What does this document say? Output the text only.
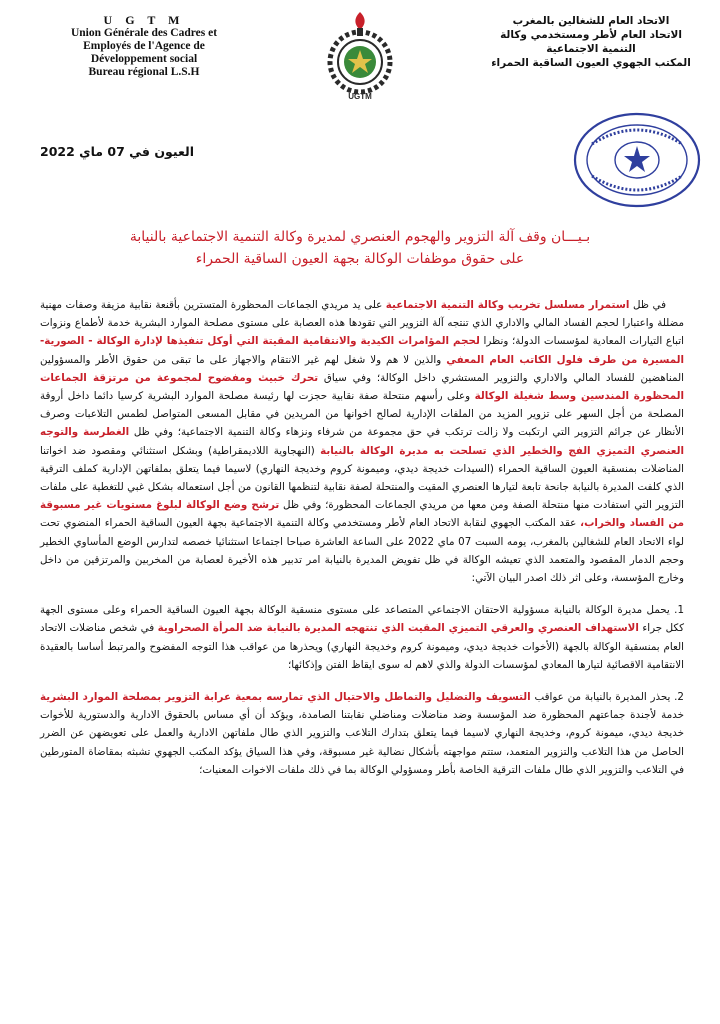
U G T M
Union Générale des Cadres et
Employés de l'Agence de
Développement social
Bureau régional L.S.H
UGTM
الاتحاد العام للشغالين بالمغرب
الاتحاد العام لأطر ومستخدمي وكالة
التنمية الاجتماعية
المكتب الجهوي العيون الساقية الحمراء
العيون في 07 ماي 2022
بـيـــان وقف آلة التزوير والهجوم العنصري لمديرة وكالة التنمية الاجتماعية بالنيابة
على حقوق موظفات الوكالة بجهة العيون الساقية الحمراء

في ظل استمرار مسلسل تخريب وكالة التنمية الاجتماعية على يد مريدي الجماعات المحظورة المتسترين بأقنعة نقابية مزيفة وصفات مهنية مضللة واعتبارا لحجم الفساد المالي والاداري الذي تنتجه آلة التزوير التي تقودها هذه العصابة على مستوى مصلحة الموارد البشرية خدمة لأطماع ونزوات اتباع التيارات المعادية لمؤسسات الدولة؛ ونظرا لحجم المؤامرات الكيدية والانتقامية المقيتة التي أوكل تنفيذها لإدارة الوكالة - الصورية- المسيرة من طرف فلول الكاتب العام المعفي والذين لا هم ولا شغل لهم غير الانتقام والاجهاز على ما تبقى من حقوق الأطر والمسؤولين المناهضين للفساد المالي والاداري والتزوير المستشري داخل الوكالة؛ وفي سياق تحرك خبيث ومفضوح لمجموعة من مرتزقة الجماعات المحظورة المندسين وسط شغيلة الوكالة وعلى رأسهم منتحلة صفة نقابية حجزت لها رئيسة مصلحة الموارد البشرية كرسيا دائما داخل أروقة المصلحة من أجل السهر على تزوير المزيد من الملفات الإدارية لصالح اخوانها من المريدين في مقابل المسعى المتواصل لطمس التلاعبات وصرف الأنظار عن جرائم التزوير التي ارتكبت ولا زالت ترتكب في حق مجموعة من شرفاء ونزهاء وكالة التنمية الاجتماعية؛ وفي ظل الغطرسة والتوجه العنصري التميزي الفج والخطير الذي تسلحت به مديرة الوكالة بالنيابة (النهجاوية اللاديمقراطية) وبشكل استثنائي ومقصود ضد اخواتنا المناضلات بمنسقية العيون الساقية الحمراء (السيدات خديجة ديدي، وميمونة كروم وخديجة النهاري) لاسيما فيما يتعلق بملفاتهن الإدارية كملف الترقية الذي كلفت المديرة بالنيابة جانحة تابعة لتيارها العنصري المقيت والمنتحلة لصفة نقابية لتنظمها القانون من أجل استعماله بشكل غبي للتغطية على ملفات التزوير التي استفادت منها منتحلة الصفة ومن معها من مريدي الجماعات المحظورة؛ وفي ظل ترشح وضع الوكالة لبلوغ مستويات غير مسبوقة من الفساد والخراب، عقد المكتب الجهوي لنقابة الاتحاد العام لأطر ومستخدمي وكالة التنمية الاجتماعية بجهة العيون الساقية الحمراء المنضوي تحت لواء الاتحاد العام للشغالين بالمغرب، يومه السبت 07 ماي 2022 على الساعة العاشرة صباحا اجتماعا استثنائيا خصصه لتدارس الوضع المأساوي الخطير وحجم الدمار المقصود والمتعمد الذي تعيشه الوكالة في ظل تفويض المديرة بالنيابة امر تدبير هذه الأخيرة لعصابة من المخربين والمرتزقين من داخل وخارج المؤسسة، وعلى اثر ذلك اصدر البيان الآتي:

1. يحمل مديرة الوكالة بالنيابة مسؤولية الاحتقان الاجتماعي المتصاعد على مستوى منسقية الوكالة بجهة العيون الساقية الحمراء وعلى مستوى الجهة ككل جراء الاستهداف العنصري والعرقي التميزي المقيت الذي تنتهجه المديرة بالنيابة ضد المرأة الصحراوية في شخص مناضلات الاتحاد العام بمنسقية الوكالة بالجهة (الأخوات خديجة ديدي، وميمونة كروم وخديجة النهاري) ويحذرها من عواقب هذا التوجه المفضوح والمرتبط أساسا بالعقيدة الانتقامية الاقصائية لتيارها المعادي لمؤسسات الدولة والذي لاهم له سوى ايقاظ الفتن وإذكائها؛

2. يحذر المديرة بالنيابة من عواقب التسويف والتضليل والتماطل والاحتيال الذي تمارسه بمعية عرابة التزوير بمصلحة الموارد البشرية خدمة لأجندة جماعتهم المحظورة ضد المؤسسة وضد مناضلات ومناضلي نقابتنا الصامدة، ويؤكد أن أي مساس بالحقوق الادارية والدستورية للأخوات خديجة ديدي، ميمونة كروم، وخديجة النهاري لاسيما فيما يتعلق بتدارك التلاعب والتزوير الذي طال ملفاتهن الادارية والعمل على تعويضهن عن الضرر الحاصل من هذا التلاعب والتزوير المتعمد، ستتم مواجهته بأشكال نضالية غير مسبوقة، وفي هذا السياق يؤكد المكتب الجهوي تشبثه بمقاضاة المتورطين في التلاعب والتزوير الذي طال ملفات الترقية الخاصة بأطر ومسؤولي الوكالة بما في ذلك ملفات الاخوات المعنيات؛
